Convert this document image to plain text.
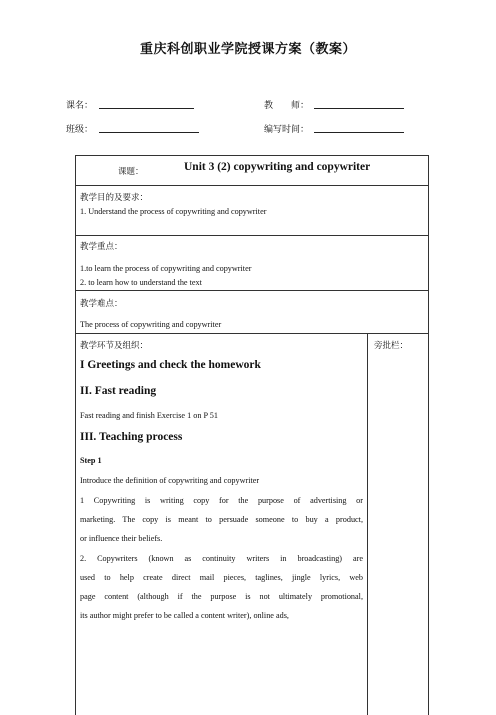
重庆科创职业学院授课方案（教案）
课名：	教　　师：
班级：	编写时间：
课题：	Unit 3 (2) copywriting and copywriter
教学目的及要求：
1. Understand the process of copywriting and copywriter
教学重点：
1.to learn the process of copywriting and copywriter
2. to learn how to understand the text
教学难点：
The process of copywriting and copywriter
教学环节及组织：	旁批栏：
I Greetings and check the homework
II. Fast reading
Fast reading and finish Exercise 1 on P 51
III. Teaching process
Step 1
Introduce the definition of copywriting and copywriter
1 Copywriting is writing copy for the purpose of advertising or
marketing. The copy is meant to persuade someone to buy a product,
or influence their beliefs.
2. Copywriters (known as continuity writers in broadcasting) are
used to help create direct mail pieces, taglines, jingle lyrics, web
page content (although if the purpose is not ultimately promotional,
its author might prefer to be called a content writer), online ads,
